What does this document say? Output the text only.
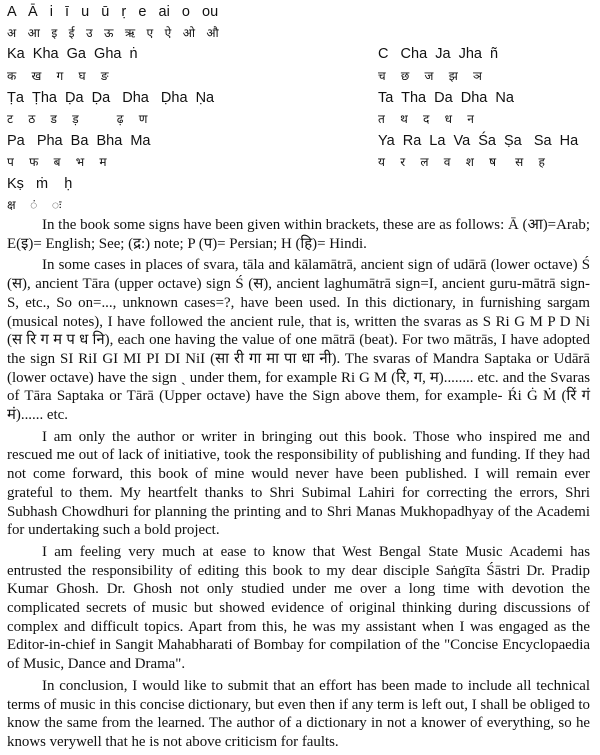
A   Ā   i   ī   u   ū   ṛ   e   ai   o   ou
अ   आ   इ   ई   उ   ऊ   ऋ   ए   ऐ   ओ   औ
Ka  Kha  Ga  Gha  ṅ	C   Cha  Ja  Jha  ñ
क    ख    ग    घ    ङ	च    छ    ज    झ    ञ
Ṭa  Ṭha  Ḍa  Ḍa   Dha   Ḍha  Ṇa	Ta  Tha  Da  Dha  Na
ट    ठ    ड    ड़          ढ़    ण	त    थ    द    ध    न
Pa   Pha  Ba  Bha  Ma	Ya  Ra  La  Va  Śa  Ṣa   Sa  Ha
प    फ    ब    भ    म	य    र    ल    व    श    ष     स    ह
Kṣ   ṁ    ḥ
क्ष    ं    ः

In the book some signs have been given within brackets, these are as follows: Ā (आ)=Arab; E(इ)= English; See; (द्र:) note; P (प)= Persian; H (हि)= Hindi.

In some cases in places of svara, tāla and kālamātrā, ancient sign of udārā (lower octave) Ś (स), ancient Tāra (upper octave) sign Ś (स), ancient laghumātrā sign=I, ancient guru-mātrā sign-S, etc., So on=..., unknown cases=?, have been used. In this dictionary, in furnishing sargam (musical notes), I have followed the ancient rule, that is, written the svaras as S Ri G M P D Ni (स रि ग म प ध नि), each one having the value of one mātrā (beat). For two mātrās, I have adopted the sign SI RiI GI MI PI DI NiI (सा री गा मा पा धा नी). The svaras of Mandra Saptaka or Udārā (lower octave) have the sign ˎ under them, for example Ri G M (रि, ग, म)........ etc. and the Svaras of Tāra Saptaka or Tārā (Upper octave) have the Sign above them, for example- Ŕi Ġ Ṁ (रिं गं मं)...... etc.

I am only the author or writer in bringing out this book. Those who inspired me and rescued me out of lack of initiative, took the responsibility of publishing and funding. If they had not come forward, this book of mine would never have been published. I will remain ever grateful to them. My heartfelt thanks to Shri Subimal Lahiri for correcting the errors, Shri Subhash Chowdhuri for planning the printing and to Shri Manas Mukhopadhyay of the Academi for undertaking such a bold project.

I am feeling very much at ease to know that West Bengal State Music Academi has entrusted the responsibility of editing this book to my dear disciple Saṅgīta Śāstri Dr. Pradip Kumar Ghosh. Dr. Ghosh not only studied under me over a long time with devotion the complicated secrets of music but showed evidence of original thinking during discussions of complex and difficult topics. Apart from this, he was my assistant when I was engaged as the Editor-in-chief in Sangit Mahabharati of Bombay for compilation of the "Concise Encyclopaedia of Music, Dance and Drama".

In conclusion, I would like to submit that an effort has been made to include all technical terms of music in this concise dictionary, but even then if any term is left out, I shall be obliged to know the same from the learned. The author of a dictionary in not a knower of everything, so he knows verywell that he is not above criticism for faults.
